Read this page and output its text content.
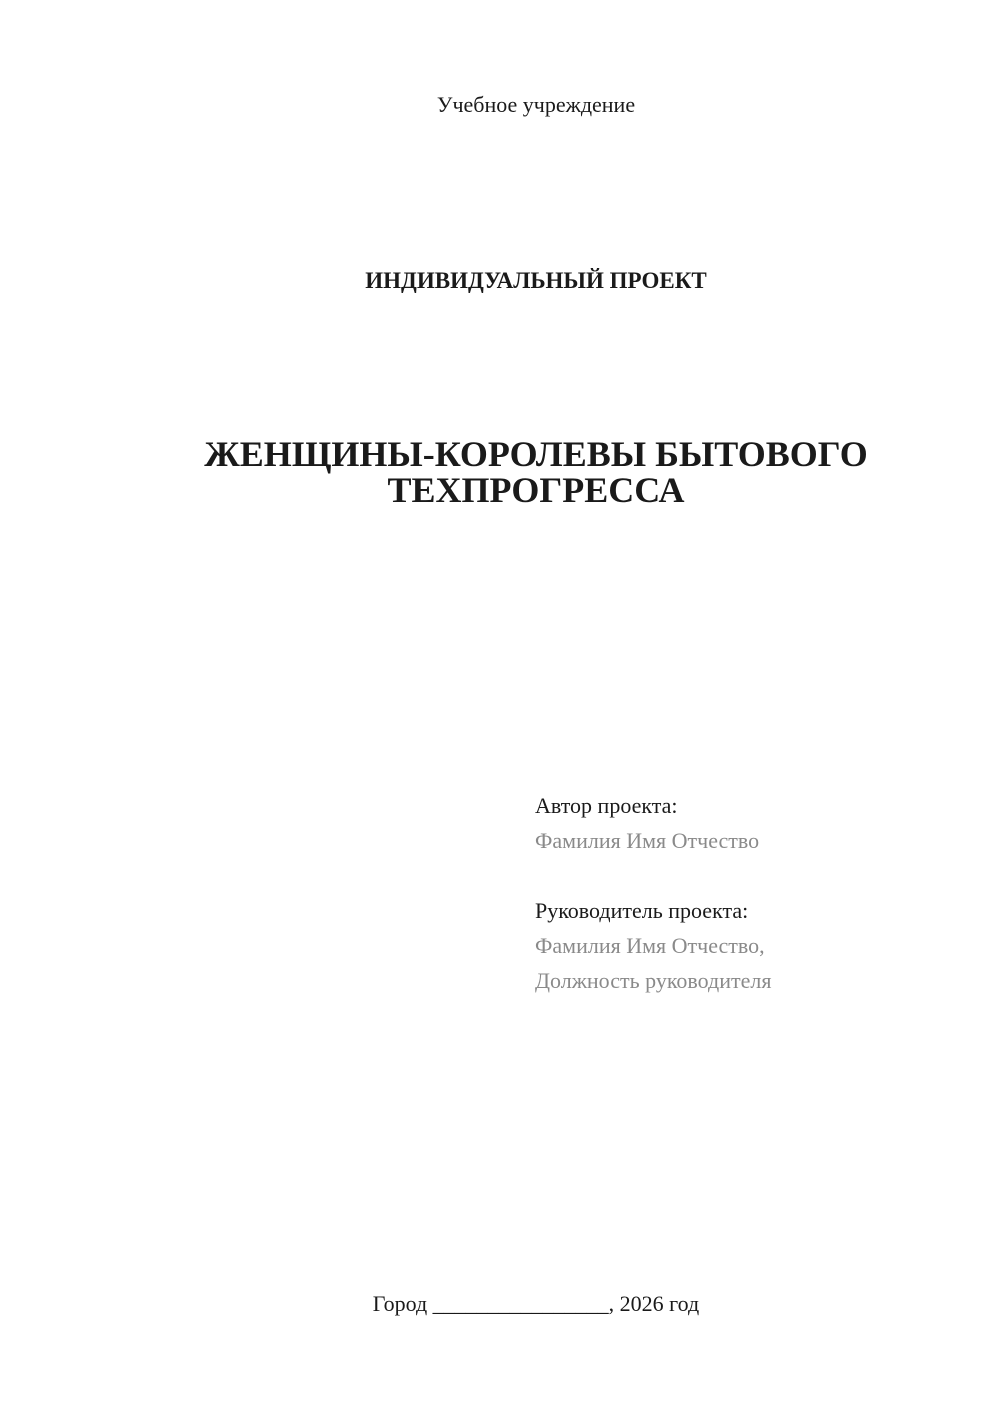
Учебное учреждение
ИНДИВИДУАЛЬНЫЙ ПРОЕКТ
ЖЕНЩИНЫ-КОРОЛЕВЫ БЫТОВОГО
ТЕХПРОГРЕССА
Автор проекта:
Фамилия Имя Отчество
Руководитель проекта:
Фамилия Имя Отчество,
Должность руководителя
Город ________________, 2026 год
